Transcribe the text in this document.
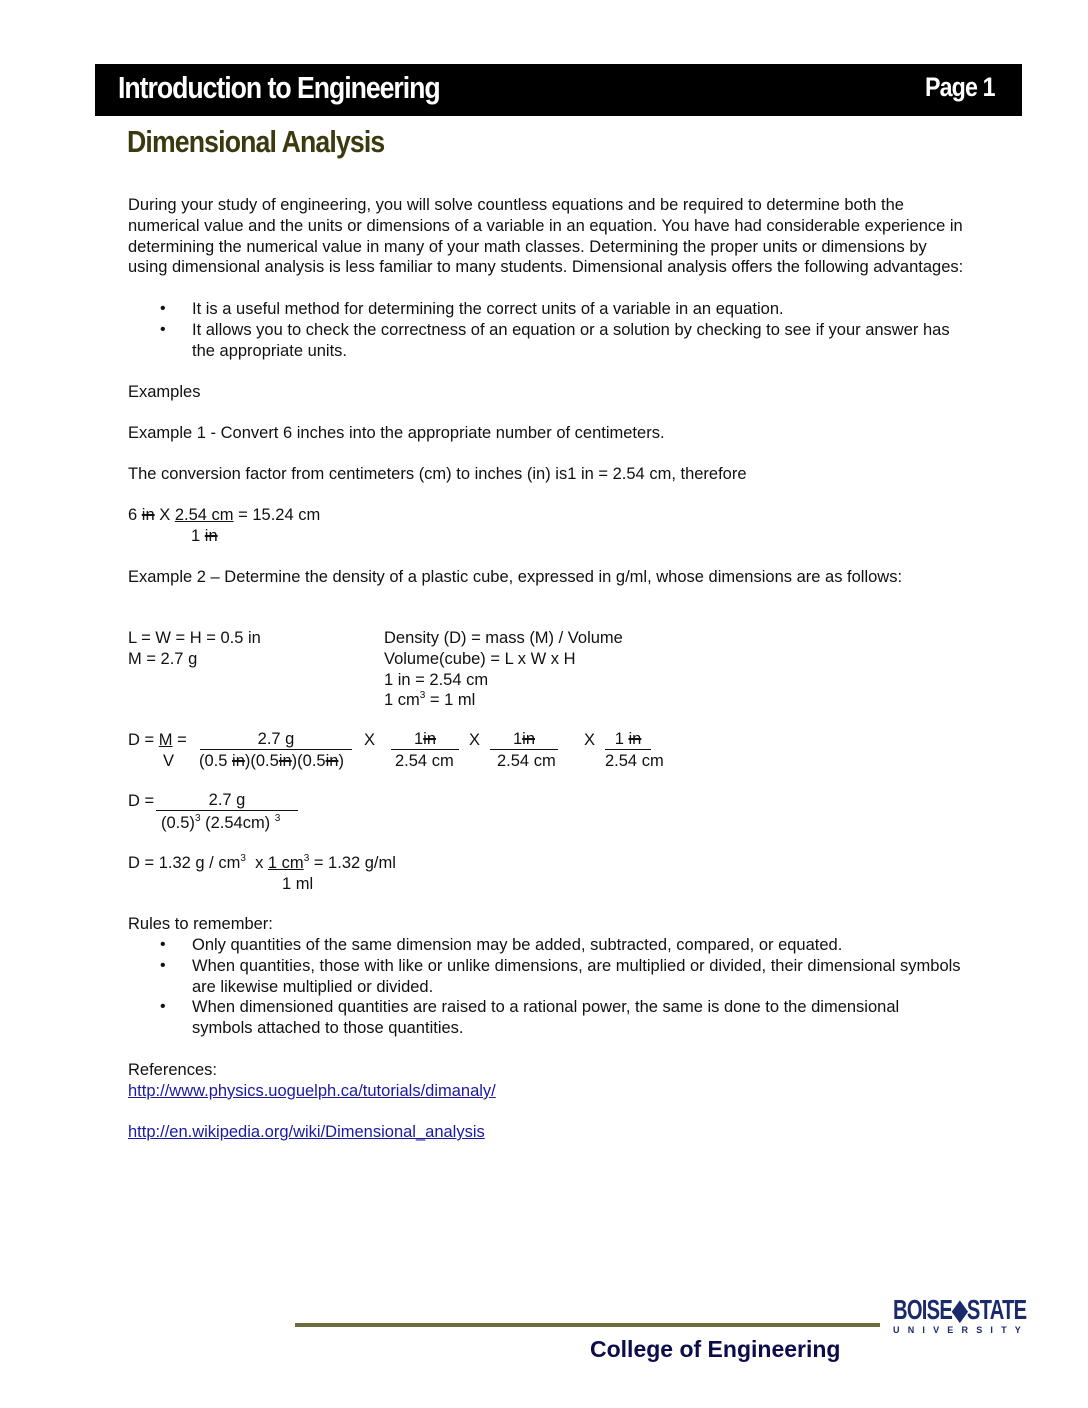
Introduction to Engineering	Page 1
Dimensional Analysis
During your study of engineering, you will solve countless equations and be required to determine both the numerical value and the units or dimensions of a variable in an equation. You have had considerable experience in determining the numerical value in many of your math classes. Determining the proper units or dimensions by using dimensional analysis is less familiar to many students. Dimensional analysis offers the following advantages:
• It is a useful method for determining the correct units of a variable in an equation.
• It allows you to check the correctness of an equation or a solution by checking to see if your answer has the appropriate units.
Examples
Example 1 - Convert 6 inches into the appropriate number of centimeters.
The conversion factor from centimeters (cm) to inches (in) is1 in = 2.54 cm, therefore
6 in X 2.54 cm = 15.24 cm
1 in
Example 2 – Determine the density of a plastic cube, expressed in g/ml, whose dimensions are as follows:
L = W = H = 0.5 in
M = 2.7 g
Density (D) = mass (M) / Volume
Volume(cube) = L x W x H
1 in = 2.54 cm
1 $cm^3 = 1$ ml
D = M =
V
2.7 g
(0.5 in)(0.5in)(0.5in)
X	1in
2.54 cm
X	1in
2.54 cm
X	1 in
2.54 cm
D =	2.7 g
$(0.5)^3$ (2.54cm) $^3$
D = 1.32 g / $cm^3$ x 1 $cm^3 = 1.32$ g/ml
1 ml
Rules to remember:
• Only quantities of the same dimension may be added, subtracted, compared, or equated.
• When quantities, those with like or unlike dimensions, are multiplied or divided, their dimensional symbols are likewise multiplied or divided.
• When dimensioned quantities are raised to a rational power, the same is done to the dimensional symbols attached to those quantities.
References:
http://www.physics.uoguelph.ca/tutorials/dimanaly/
http://en.wikipedia.org/wiki/Dimensional_analysis
College of Engineering
BOISE◆STATE
UNIVERSITY
